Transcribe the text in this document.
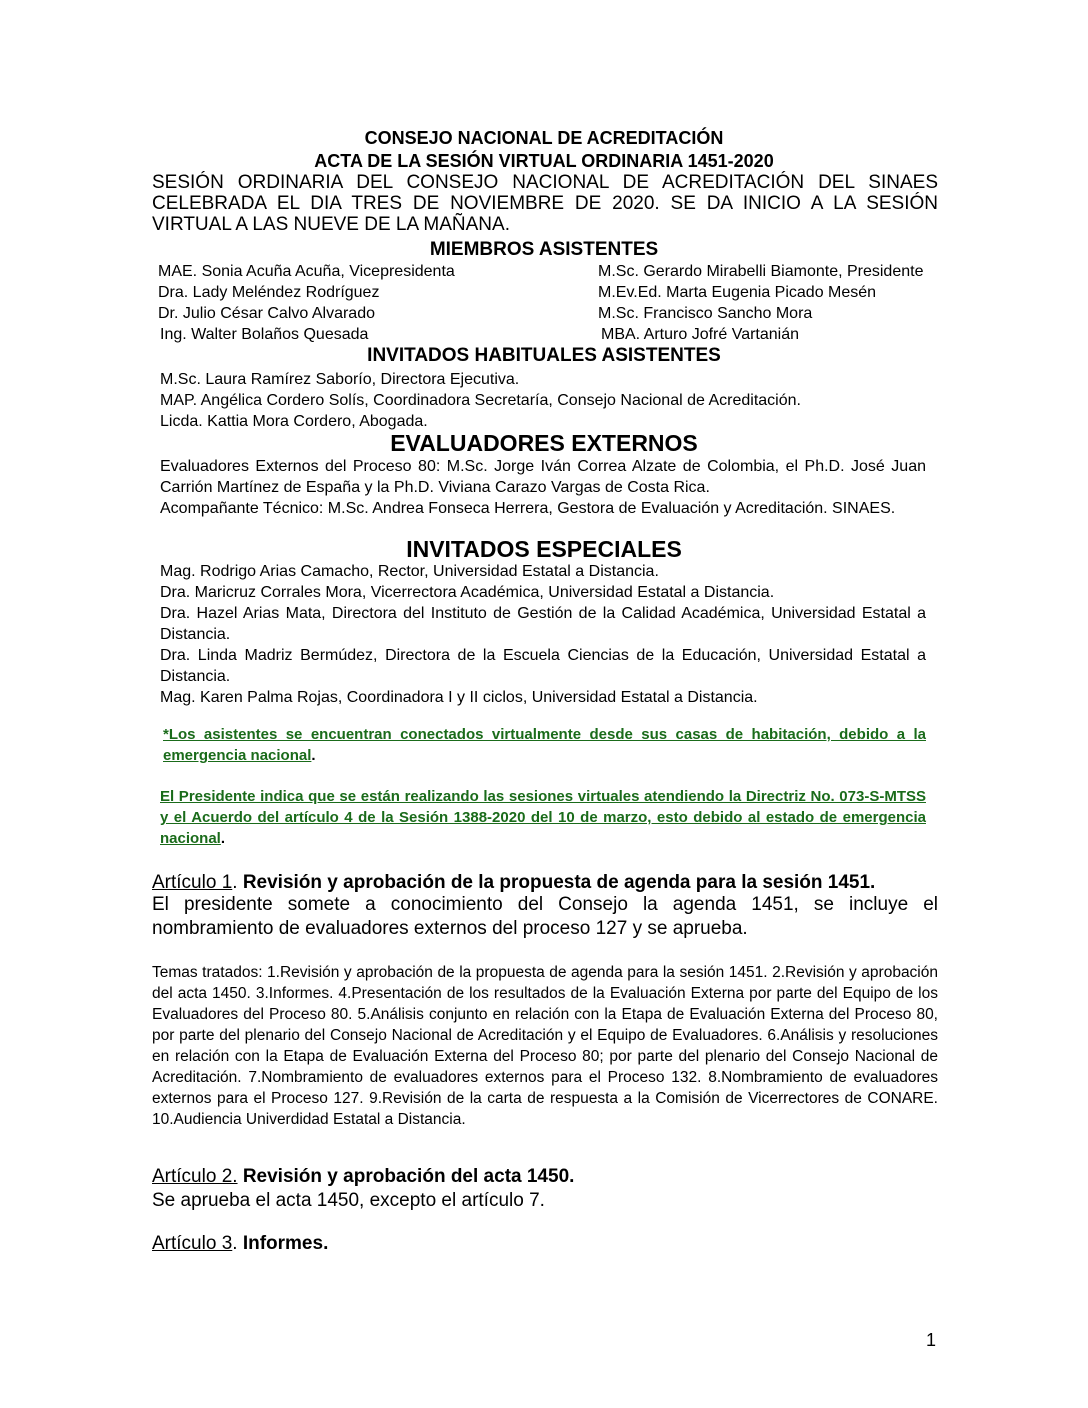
CONSEJO NACIONAL DE ACREDITACIÓN
ACTA DE LA SESIÓN VIRTUAL ORDINARIA 1451-2020
SESIÓN ORDINARIA DEL CONSEJO NACIONAL DE ACREDITACIÓN DEL SINAES
CELEBRADA EL DIA TRES DE NOVIEMBRE DE 2020. SE DA INICIO A LA SESIÓN
VIRTUAL A LAS NUEVE DE LA MAÑANA.
MIEMBROS ASISTENTES
MAE. Sonia Acuña Acuña, Vicepresidenta
Dra. Lady Meléndez Rodríguez
Dr. Julio César Calvo Alvarado
Ing. Walter Bolaños Quesada
M.Sc. Gerardo Mirabelli Biamonte, Presidente
M.Ev.Ed. Marta Eugenia Picado Mesén
M.Sc. Francisco Sancho Mora
MBA. Arturo Jofré Vartanián
INVITADOS HABITUALES ASISTENTES

M.Sc. Laura Ramírez Saborío, Directora Ejecutiva.

MAP. Angélica Cordero Solís, Coordinadora Secretaría, Consejo Nacional de Acreditación.

Licda. Kattia Mora Cordero, Abogada.

EVALUADORES EXTERNOS

Evaluadores Externos del Proceso 80: M.Sc. Jorge Iván Correa Alzate de Colombia, el Ph.D. José Juan Carrión Martínez de España y la Ph.D. Viviana Carazo Vargas de Costa Rica.

Acompañante Técnico: M.Sc. Andrea Fonseca Herrera, Gestora de Evaluación y Acreditación. SINAES.

INVITADOS ESPECIALES

Mag. Rodrigo Arias Camacho, Rector, Universidad Estatal a Distancia.

Dra. Maricruz Corrales Mora, Vicerrectora Académica, Universidad Estatal a Distancia.

Dra. Hazel Arias Mata, Directora del Instituto de Gestión de la Calidad Académica, Universidad Estatal a Distancia.

Dra. Linda Madriz Bermúdez, Directora de la Escuela Ciencias de la Educación, Universidad Estatal a Distancia.

Mag. Karen Palma Rojas, Coordinadora I y II ciclos, Universidad Estatal a Distancia.

*Los asistentes se encuentran conectados virtualmente desde sus casas de habitación, debido a la emergencia nacional.
El Presidente indica que se están realizando las sesiones virtuales atendiendo la Directriz No. 073-S-MTSS y el Acuerdo del artículo 4 de la Sesión 1388-2020 del 10 de marzo, esto debido al estado de emergencia nacional.
Artículo 1. Revisión y aprobación de la propuesta de agenda para la sesión 1451.
El presidente somete a conocimiento del Consejo la agenda 1451, se incluye el nombramiento de evaluadores externos del proceso 127 y se aprueba.
Temas tratados: 1.Revisión y aprobación de la propuesta de agenda para la sesión 1451. 2.Revisión y aprobación del acta 1450. 3.Informes. 4.Presentación de los resultados de la Evaluación Externa por parte del Equipo de los Evaluadores del Proceso 80. 5.Análisis conjunto en relación con la Etapa de Evaluación Externa del Proceso 80, por parte del plenario del Consejo Nacional de Acreditación y el Equipo de Evaluadores. 6.Análisis y resoluciones en relación con la Etapa de Evaluación Externa del Proceso 80; por parte del plenario del Consejo Nacional de Acreditación. 7.Nombramiento de evaluadores externos para el Proceso 132. 8.Nombramiento de evaluadores externos para el Proceso 127. 9.Revisión de la carta de respuesta a la Comisión de Vicerrectores de CONARE. 10.Audiencia Univerdidad Estatal a Distancia.
Artículo 2. Revisión y aprobación del acta 1450.
Se aprueba el acta 1450, excepto el artículo 7.
Artículo 3. Informes.
1
